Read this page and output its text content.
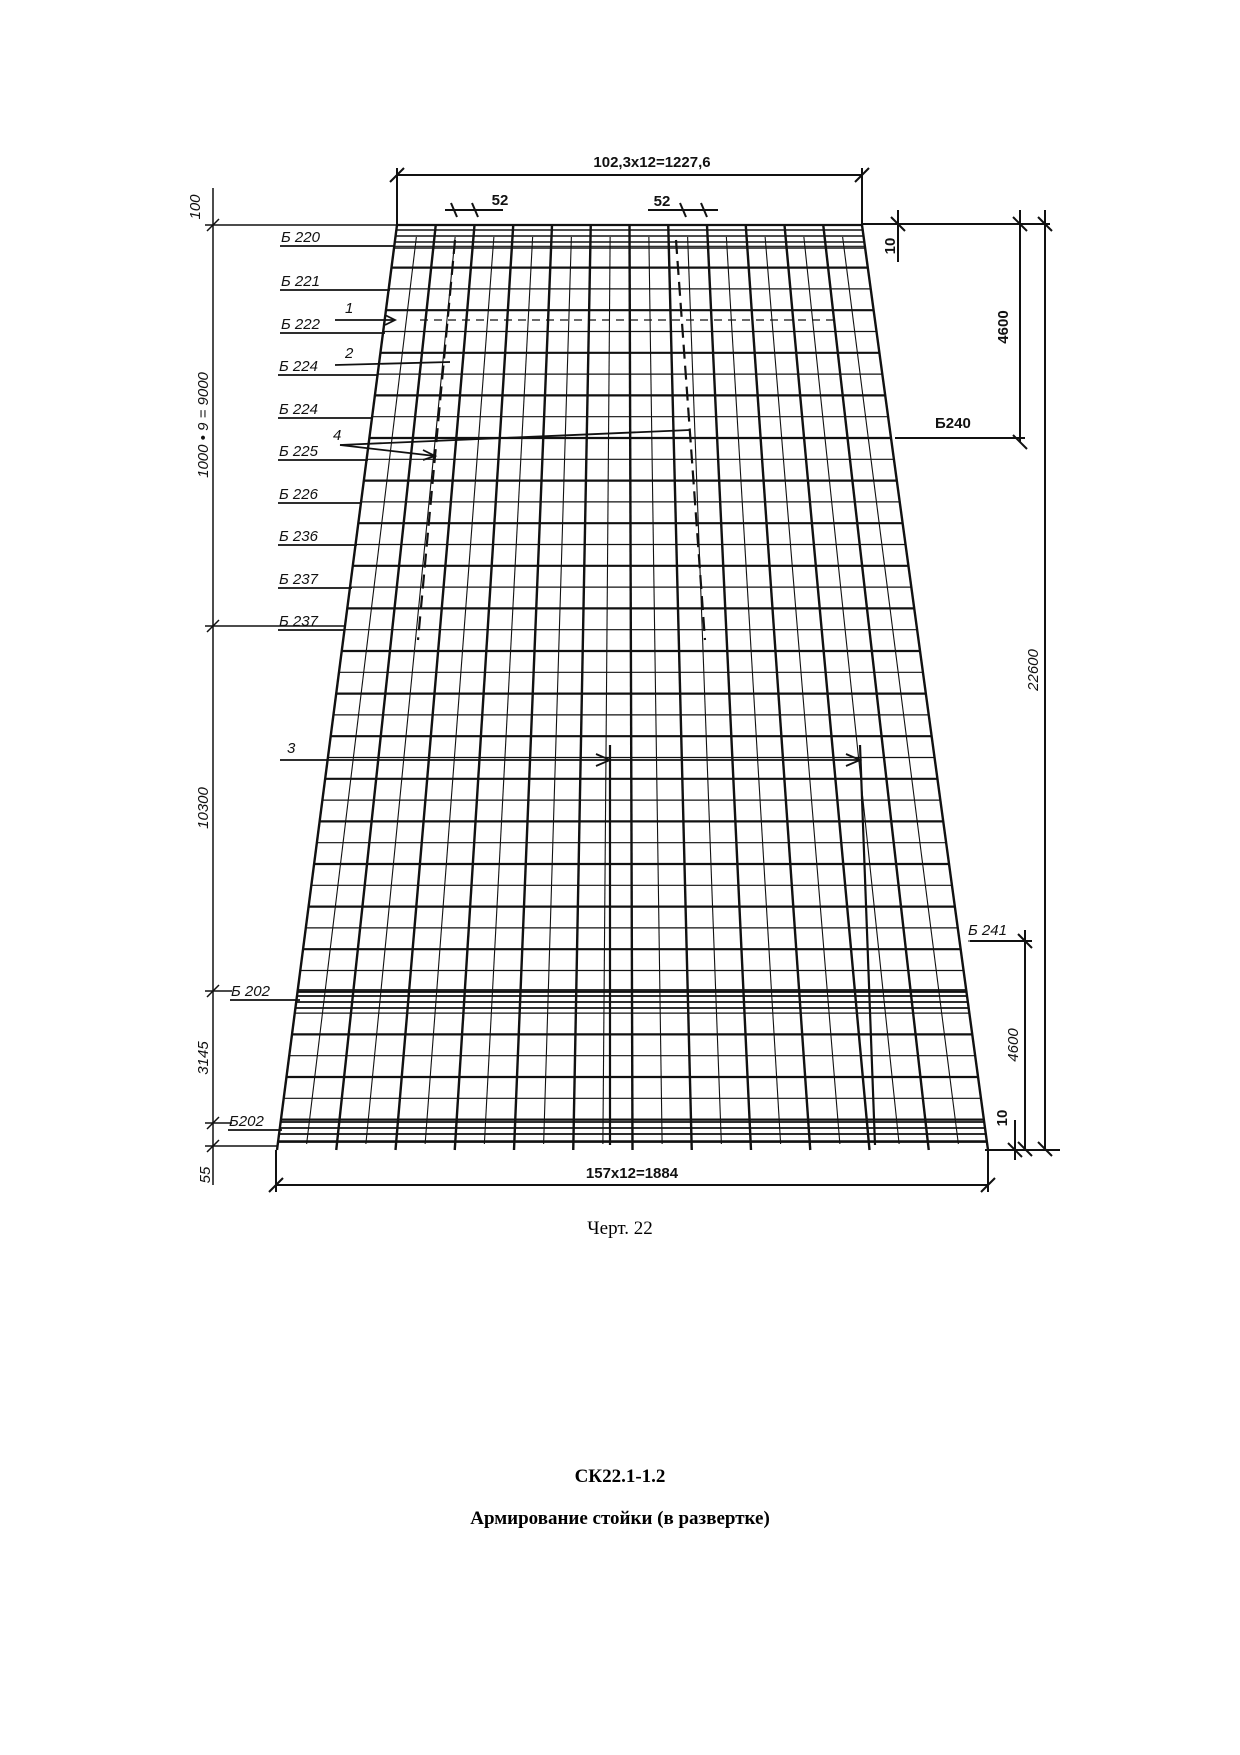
102,3x12=1227,6
52	52
100
1000 • 9 = 9000
10300
3145
55
Б 220
Б 221
Б 222
Б 224
Б 224
Б 225
Б 226
Б 236
Б 237
Б 237
Б 202
Б202
10
4600
22600
4600
10
Б240
Б 241
157x12=1884
1
2
4
3
Черт. 22
СК22.1-1.2
Армирование стойки (в развертке)
